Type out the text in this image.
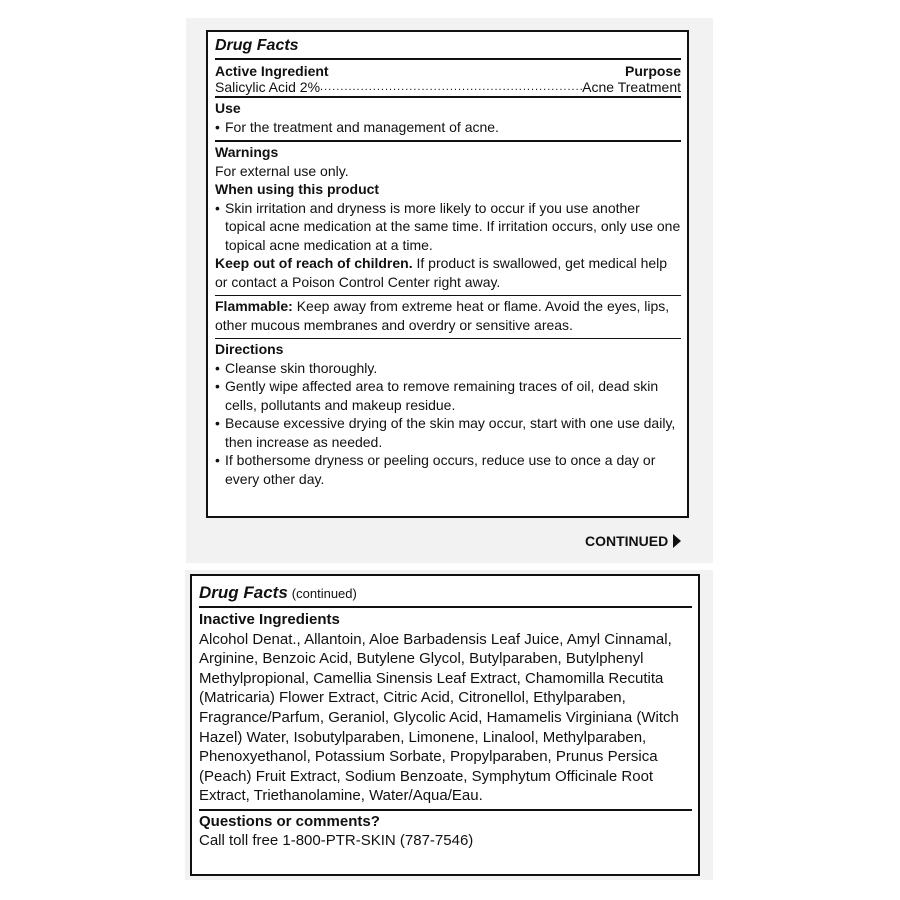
Drug Facts
Active Ingredient	Purpose
Salicylic Acid 2%
.....	Acne Treatment
Use
• For the treatment and management of acne.
Warnings
For external use only.
When using this product
• Skin irritation and dryness is more likely to occur if you use another topical acne medication at the same time. If irritation occurs, only use one topical acne medication at a time.
Keep out of reach of children. If product is swallowed, get medical help or contact a Poison Control Center right away.
Flammable: Keep away from extreme heat or flame. Avoid the eyes, lips, other mucous membranes and overdry or sensitive areas.
Directions
• Cleanse skin thoroughly.
• Gently wipe affected area to remove remaining traces of oil, dead skin cells, pollutants and makeup residue.
• Because excessive drying of the skin may occur, start with one use daily, then increase as needed.
• If bothersome dryness or peeling occurs, reduce use to once a day or every other day.
CONTINUED
Drug Facts (continued)
Inactive Ingredients
Alcohol Denat., Allantoin, Aloe Barbadensis Leaf Juice, Amyl Cinnamal, Arginine, Benzoic Acid, Butylene Glycol, Butylparaben, Butylphenyl Methylpropional, Camellia Sinensis Leaf Extract, Chamomilla Recutita (Matricaria) Flower Extract, Citric Acid, Citronellol, Ethylparaben, Fragrance/Parfum, Geraniol, Glycolic Acid, Hamamelis Virginiana (Witch Hazel) Water, Isobutylparaben, Limonene, Linalool, Methylparaben, Phenoxyethanol, Potassium Sorbate, Propylparaben, Prunus Persica (Peach) Fruit Extract, Sodium Benzoate, Symphytum Officinale Root Extract, Triethanolamine, Water/Aqua/Eau.
Questions or comments?
Call toll free 1-800-PTR-SKIN (787-7546)
